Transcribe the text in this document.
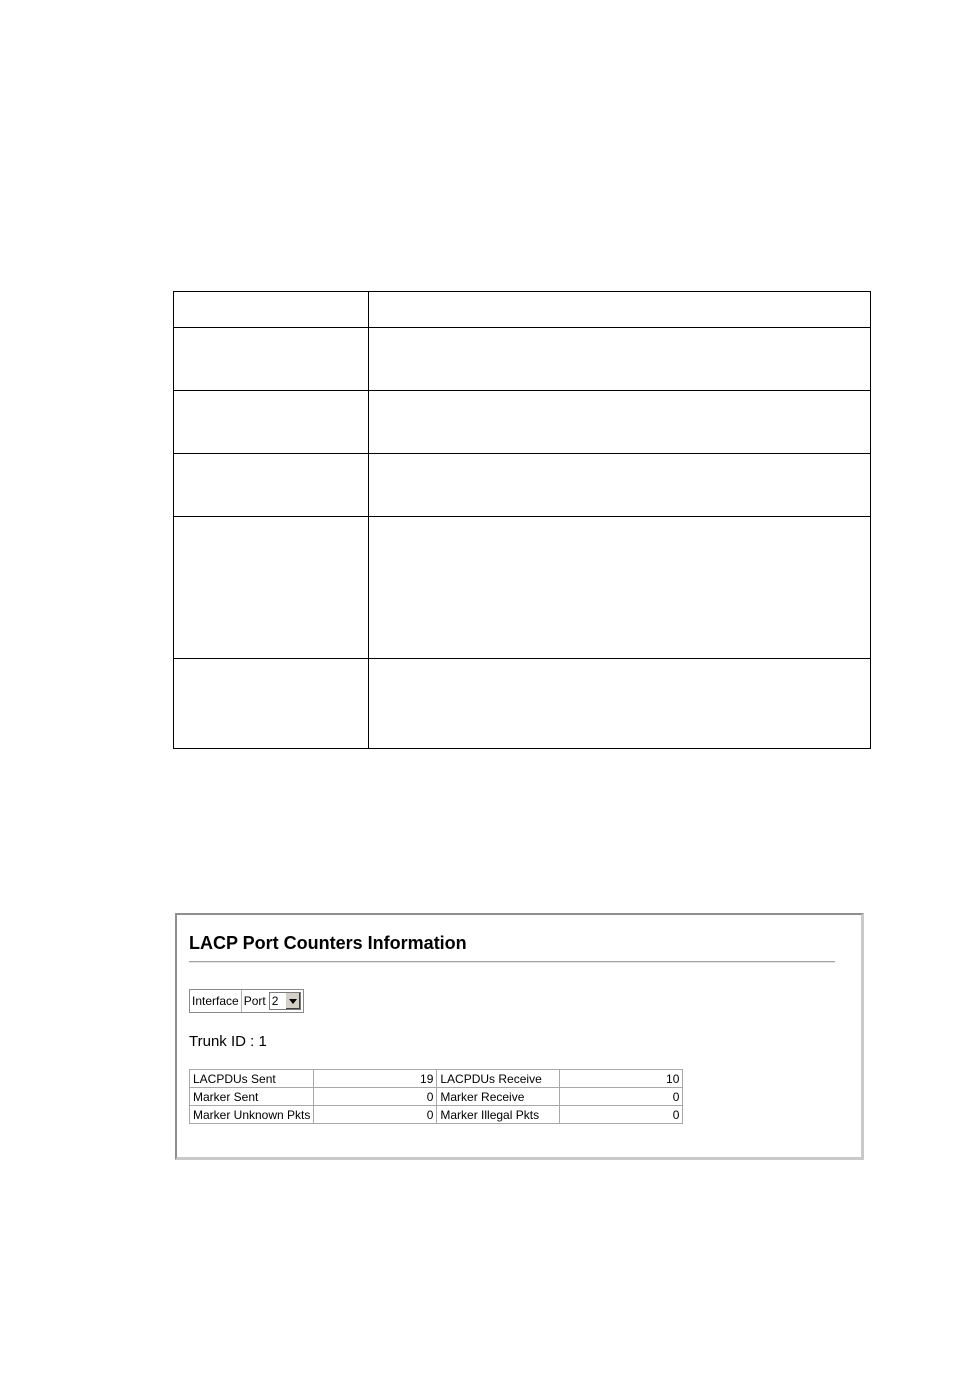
LACP Port Counters Information
Interface Port 2

Trunk ID : 1

LACPDUs Sent	19	LACPDUs Receive	10
Marker Sent	0	Marker Receive	0
Marker Unknown Pkts	0	Marker Illegal Pkts	0
